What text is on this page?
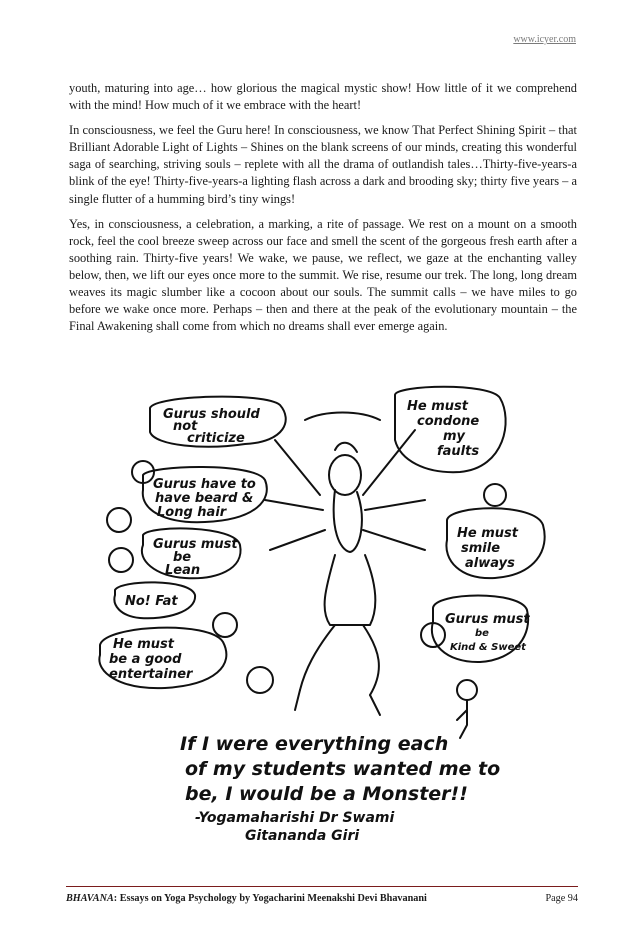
www.icyer.com

youth, maturing into age… how glorious the magical mystic show! How little of it we comprehend with the mind! How much of it we embrace with the heart!

In consciousness, we feel the Guru here! In consciousness, we know That Perfect Shining Spirit – that Brilliant Adorable Light of Lights – Shines on the blank screens of our minds, creating this wonderful saga of searching, striving souls – replete with all the drama of outlandish tales…Thirty-five-years-a blink of the eye! Thirty-five-years-a lighting flash across a dark and brooding sky; thirty five years – a single flutter of a humming bird’s tiny wings!

Yes, in consciousness, a celebration, a marking, a rite of passage. We rest on a mount on a smooth rock, feel the cool breeze sweep across our face and smell the scent of the gorgeous fresh earth after a soothing rain. Thirty-five years! We wake, we pause, we reflect, we gaze at the enchanting valley below, then, we lift our eyes once more to the summit. We rise, resume our trek. The long, long dream weaves its magic slumber like a cocoon about our souls. The summit calls – we have miles to go before we wake once more. Perhaps – then and there at the peak of the evolutionary mountain – the Final Awakening shall come from which no dreams shall ever emerge again.

Gurus should
not
criticize
He must
condone
my
faults
Gurus have to
have beard &
Long hair
Gurus must
be
Lean
No! Fat
He must
be a good
entertainer
He must
smile
always
Gurus must
be
Kind & Sweet
If I were everything each
of my students wanted me to
be, I would be a Monster!!
-Yogamaharishi Dr Swami
Gitananda Giri
BHAVANA: Essays on Yoga Psychology by Yogacharini Meenakshi Devi Bhavanani	Page 94
